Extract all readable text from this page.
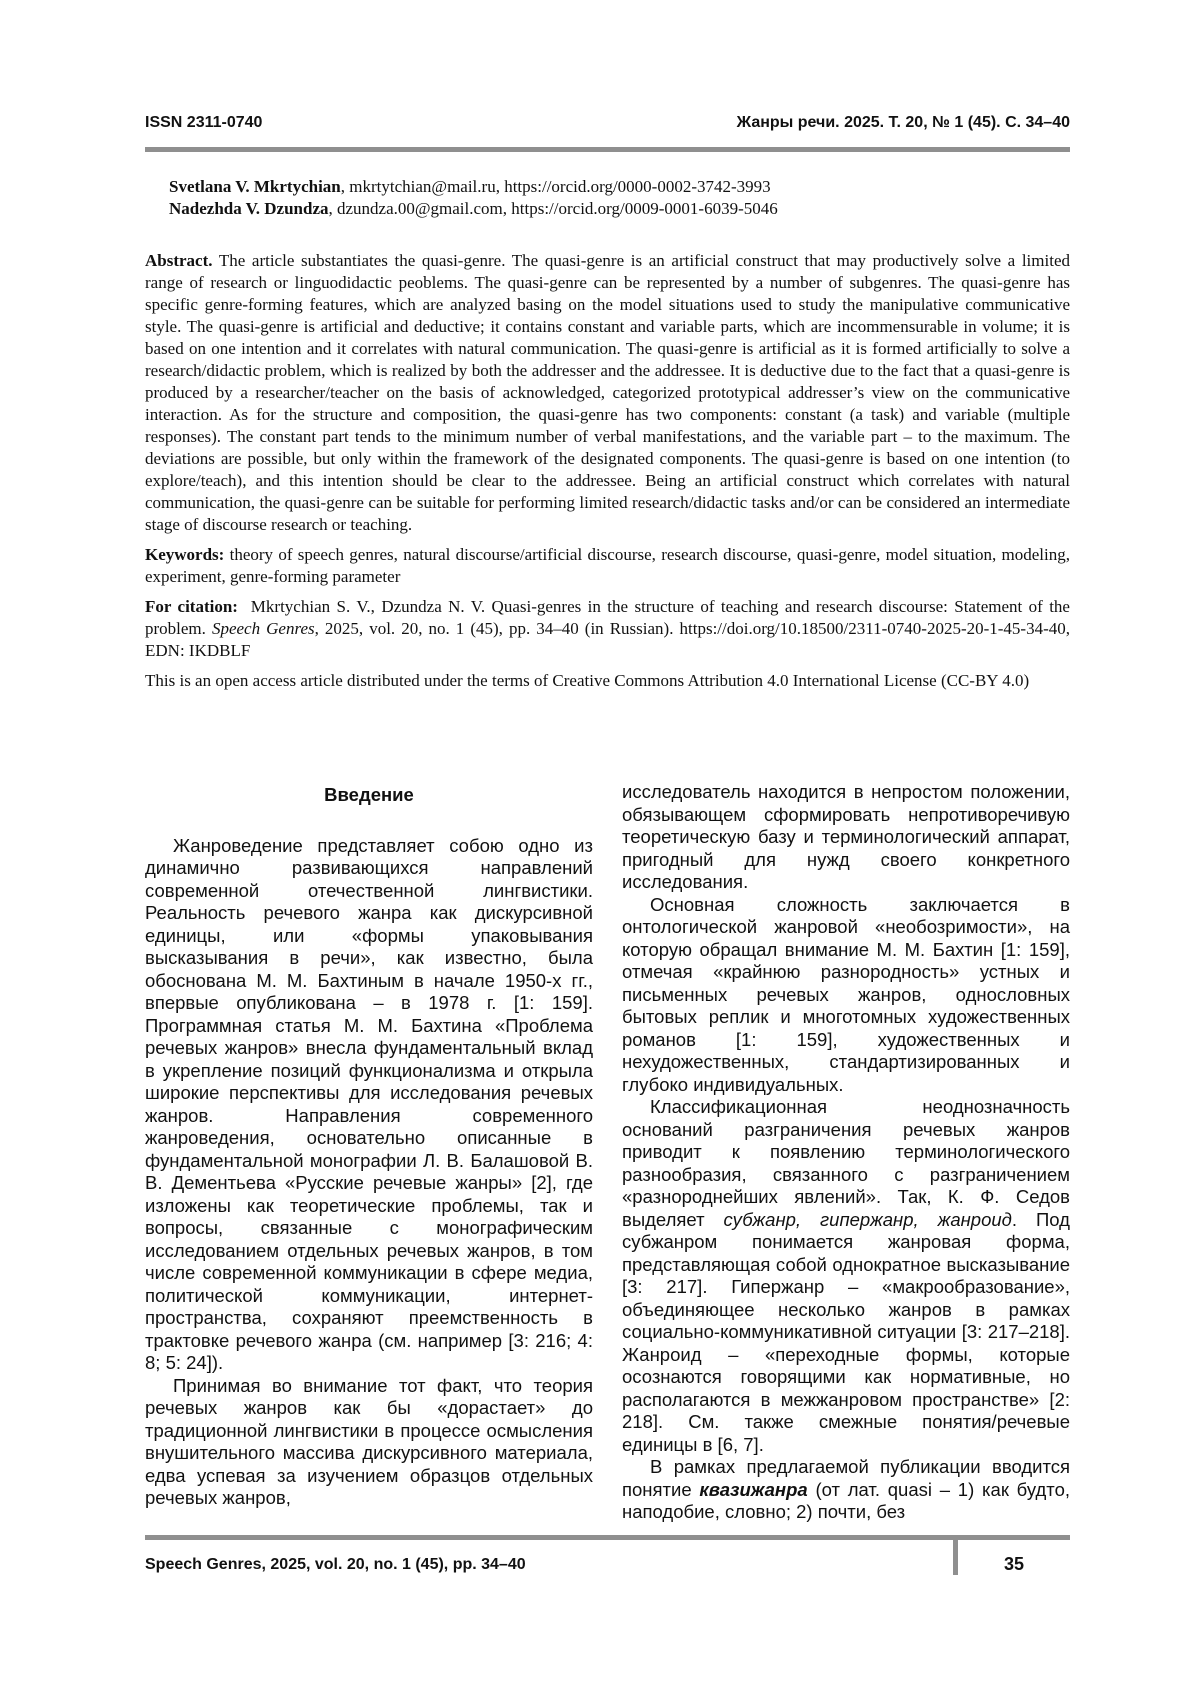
ISSN 2311-0740	Жанры речи. 2025. Т. 20, № 1 (45). С. 34–40
Svetlana V. Mkrtychian, mkrtytchian@mail.ru, https://orcid.org/0000-0002-3742-3993
Nadezhda V. Dzundza, dzundza.00@gmail.com, https://orcid.org/0009-0001-6039-5046

Abstract. The article substantiates the quasi-genre. The quasi-genre is an artificial construct that may productively solve a limited range of research or linguodidactic peoblems. The quasi-genre can be represented by a number of subgenres. The quasi-genre has specific genre-forming features, which are analyzed basing on the model situations used to study the manipulative communicative style. The quasi-genre is artificial and deductive; it contains constant and variable parts, which are incommensurable in volume; it is based on one intention and it correlates with natural communication. The quasi-genre is artificial as it is formed artificially to solve a research/didactic problem, which is realized by both the addresser and the addressee. It is deductive due to the fact that a quasi-genre is produced by a researcher/teacher on the basis of acknowledged, categorized prototypical addresser’s view on the communicative interaction. As for the structure and composition, the quasi-genre has two components: constant (a task) and variable (multiple responses). The constant part tends to the minimum number of verbal manifestations, and the variable part – to the maximum. The deviations are possible, but only within the framework of the designated components. The quasi-genre is based on one intention (to explore/teach), and this intention should be clear to the addressee. Being an artificial construct which correlates with natural communication, the quasi-genre can be suitable for performing limited research/didactic tasks and/or can be considered an intermediate stage of discourse research or teaching.

Keywords: theory of speech genres, natural discourse/artificial discourse, research discourse, quasi-genre, model situation, modeling, experiment, genre-forming parameter

For citation: Mkrtychian S. V., Dzundza N. V. Quasi-genres in the structure of teaching and research discourse: Statement of the problem. Speech Genres, 2025, vol. 20, no. 1 (45), pp. 34–40 (in Russian). https://doi.org/10.18500/2311-0740-2025-20-1-45-34-40, EDN: IKDBLF

This is an open access article distributed under the terms of Creative Commons Attribution 4.0 International License (CC-BY 4.0)

Введение

Жанроведение представляет собою одно из динамично развивающихся направлений современной отечественной лингвистики. Реальность речевого жанра как дискурсивной единицы, или «формы упаковывания высказывания в речи», как известно, была обоснована М. М. Бахтиным в начале 1950-х гг., впервые опубликована – в 1978 г. [1: 159]. Программная статья М. М. Бахтина «Проблема речевых жанров» внесла фундаментальный вклад в укрепление позиций функционализма и открыла широкие перспективы для исследования речевых жанров. Направления современного жанроведения, основательно описанные в фундаментальной монографии Л. В. Балашовой В. В. Дементьева «Русские речевые жанры» [2], где изложены как теоретические проблемы, так и вопросы, связанные с монографическим исследованием отдельных речевых жанров, в том числе современной коммуникации в сфере медиа, политической коммуникации, интернет-пространства, сохраняют преемственность в трактовке речевого жанра (см. например [3: 216; 4: 8; 5: 24]).

Принимая во внимание тот факт, что теория речевых жанров как бы «дорастает» до традиционной лингвистики в процессе осмысления внушительного массива дискурсивного материала, едва успевая за изучением образцов отдельных речевых жанров,

исследователь находится в непростом положении, обязывающем сформировать непротиворечивую теоретическую базу и терминологический аппарат, пригодный для нужд своего конкретного исследования.

Основная сложность заключается в онтологической жанровой «необозримости», на которую обращал внимание М. М. Бахтин [1: 159], отмечая «крайнюю разнородность» устных и письменных речевых жанров, однословных бытовых реплик и многотомных художественных романов [1: 159], художественных и нехудожественных, стандартизированных и глубоко индивидуальных.

Классификационная неоднозначность оснований разграничения речевых жанров приводит к появлению терминологического разнообразия, связанного с разграничением «разнороднейших явлений». Так, К. Ф. Седов выделяет субжанр, гипержанр, жанроид. Под субжанром понимается жанровая форма, представляющая собой однократное высказывание [3: 217]. Гипержанр – «макрообразование», объединяющее несколько жанров в рамках социально-коммуникативной ситуации [3: 217–218]. Жанроид – «переходные формы, которые осознаются говорящими как нормативные, но располагаются в межжанровом пространстве» [2: 218]. См. также смежные понятия/речевые единицы в [6, 7].

В рамках предлагаемой публикации вводится понятие квазижанра (от лат. quasi – 1) как будто, наподобие, словно; 2) почти, без

Speech Genres, 2025, vol. 20, no. 1 (45), pp. 34–40	35
